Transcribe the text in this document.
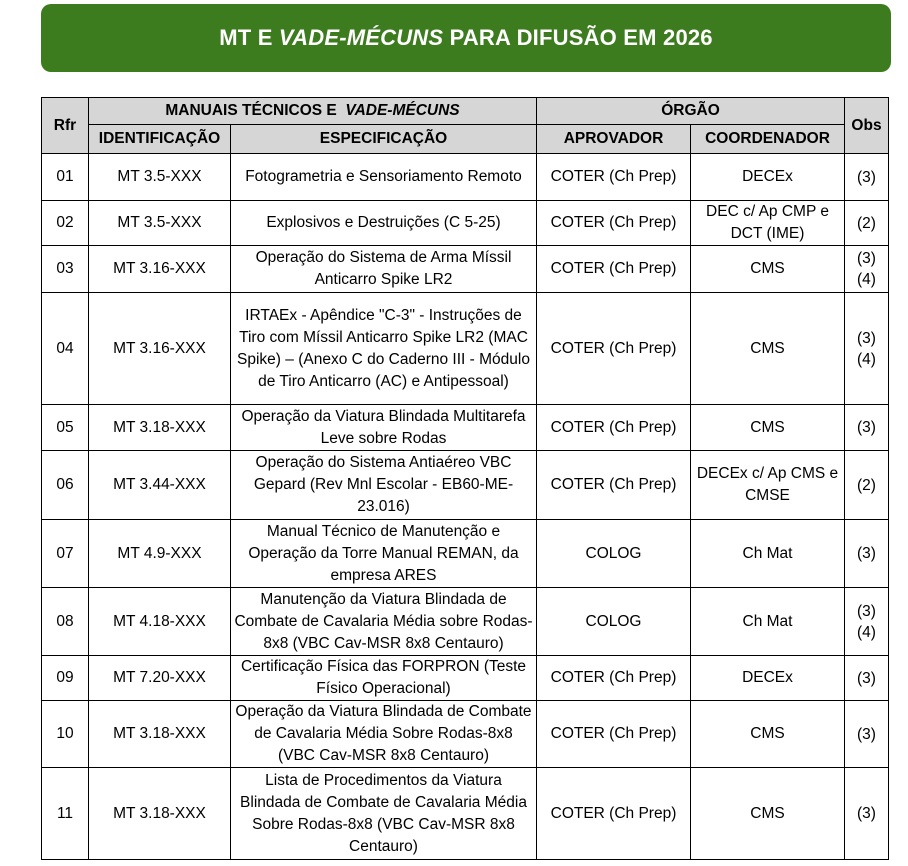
MT E
VADE-MÉCUNS
PARA DIFUSÃO EM 2026
Rfr	MANUAIS TÉCNICOS E  VADE-MÉCUNS		ÓRGÃO		Obs
	IDENTIFICAÇÃO	ESPECIFICAÇÃO	APROVADOR	COORDENADOR	
01	MT 3.5-XXX	Fotogrametria e Sensoriamento Remoto	COTER (Ch Prep)	DECEx	(3)

02	MT 3.5-XXX	Explosivos e Destruições (C 5-25)	COTER (Ch Prep)	DEC c/ Ap CMP e DCT (IME)	(2)

03	MT 3.16-XXX	Operação do Sistema de Arma Míssil Anticarro Spike LR2	COTER (Ch Prep)	CMS	(3)
(4)

04	MT 3.16-XXX	IRTAEx - Apêndice "C-3" - Instruções de Tiro com Míssil Anticarro Spike LR2 (MAC Spike) – (Anexo C do Caderno III - Módulo de Tiro Anticarro (AC) e Antipessoal)	COTER (Ch Prep)	CMS	(3)
(4)

05	MT 3.18-XXX	Operação da Viatura Blindada Multitarefa Leve sobre Rodas	COTER (Ch Prep)	CMS	(3)

06	MT 3.44-XXX	Operação do Sistema Antiaéreo VBC Gepard (Rev Mnl Escolar - EB60-ME-23.016)	COTER (Ch Prep)	DECEx c/ Ap CMS e CMSE	(2)

07	MT 4.9-XXX	Manual Técnico de Manutenção e Operação da Torre Manual REMAN, da empresa ARES	COLOG	Ch Mat	(3)

08	MT 4.18-XXX	Manutenção da Viatura Blindada de Combate de Cavalaria Média sobre Rodas-8x8 (VBC Cav-MSR 8x8 Centauro)	COLOG	Ch Mat	(3)
(4)

09	MT 7.20-XXX	Certificação Física das FORPRON (Teste Físico Operacional)	COTER (Ch Prep)	DECEx	(3)

10	MT 3.18-XXX	Operação da Viatura Blindada de Combate de Cavalaria Média Sobre Rodas-8x8 (VBC Cav-MSR 8x8 Centauro)	COTER (Ch Prep)	CMS	(3)

11	MT 3.18-XXX	Lista de Procedimentos da Viatura Blindada de Combate de Cavalaria Média Sobre Rodas-8x8 (VBC Cav-MSR 8x8 Centauro)	COTER (Ch Prep)	CMS	(3)
